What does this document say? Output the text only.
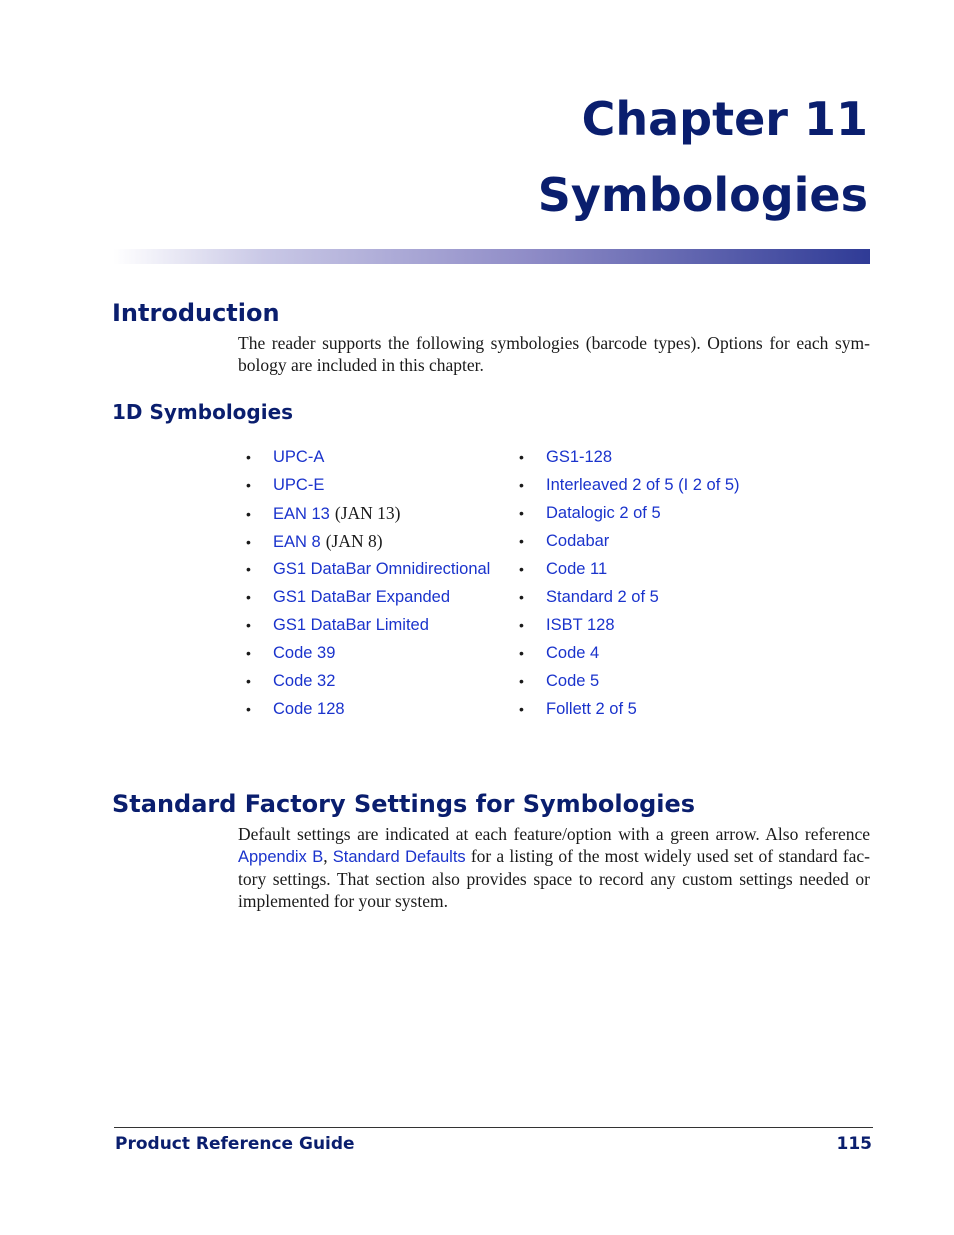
Chapter 11
Symbologies
Introduction

The reader supports the following symbologies (barcode types). Options for each sym-bology are included in this chapter.

1D Symbologies
•	UPC-A
•	UPC-E
•	EAN 13 (JAN 13)
•	EAN 8 (JAN 8)
•	GS1 DataBar Omnidirectional
•	GS1 DataBar Expanded
•	GS1 DataBar Limited
•	Code 39
•	Code 32
•	Code 128
•	GS1-128
•	Interleaved 2 of 5 (I 2 of 5)
•	Datalogic 2 of 5
•	Codabar
•	Code 11
•	Standard 2 of 5
•	ISBT 128
•	Code 4
•	Code 5
•	Follett 2 of 5
Standard Factory Settings for Symbologies

Default settings are indicated at each feature/option with a green arrow. Also reference Appendix B, Standard Defaults for a listing of the most widely used set of standard fac-tory settings. That section also provides space to record any custom settings needed or implemented for your system.

Product Reference Guide	115
